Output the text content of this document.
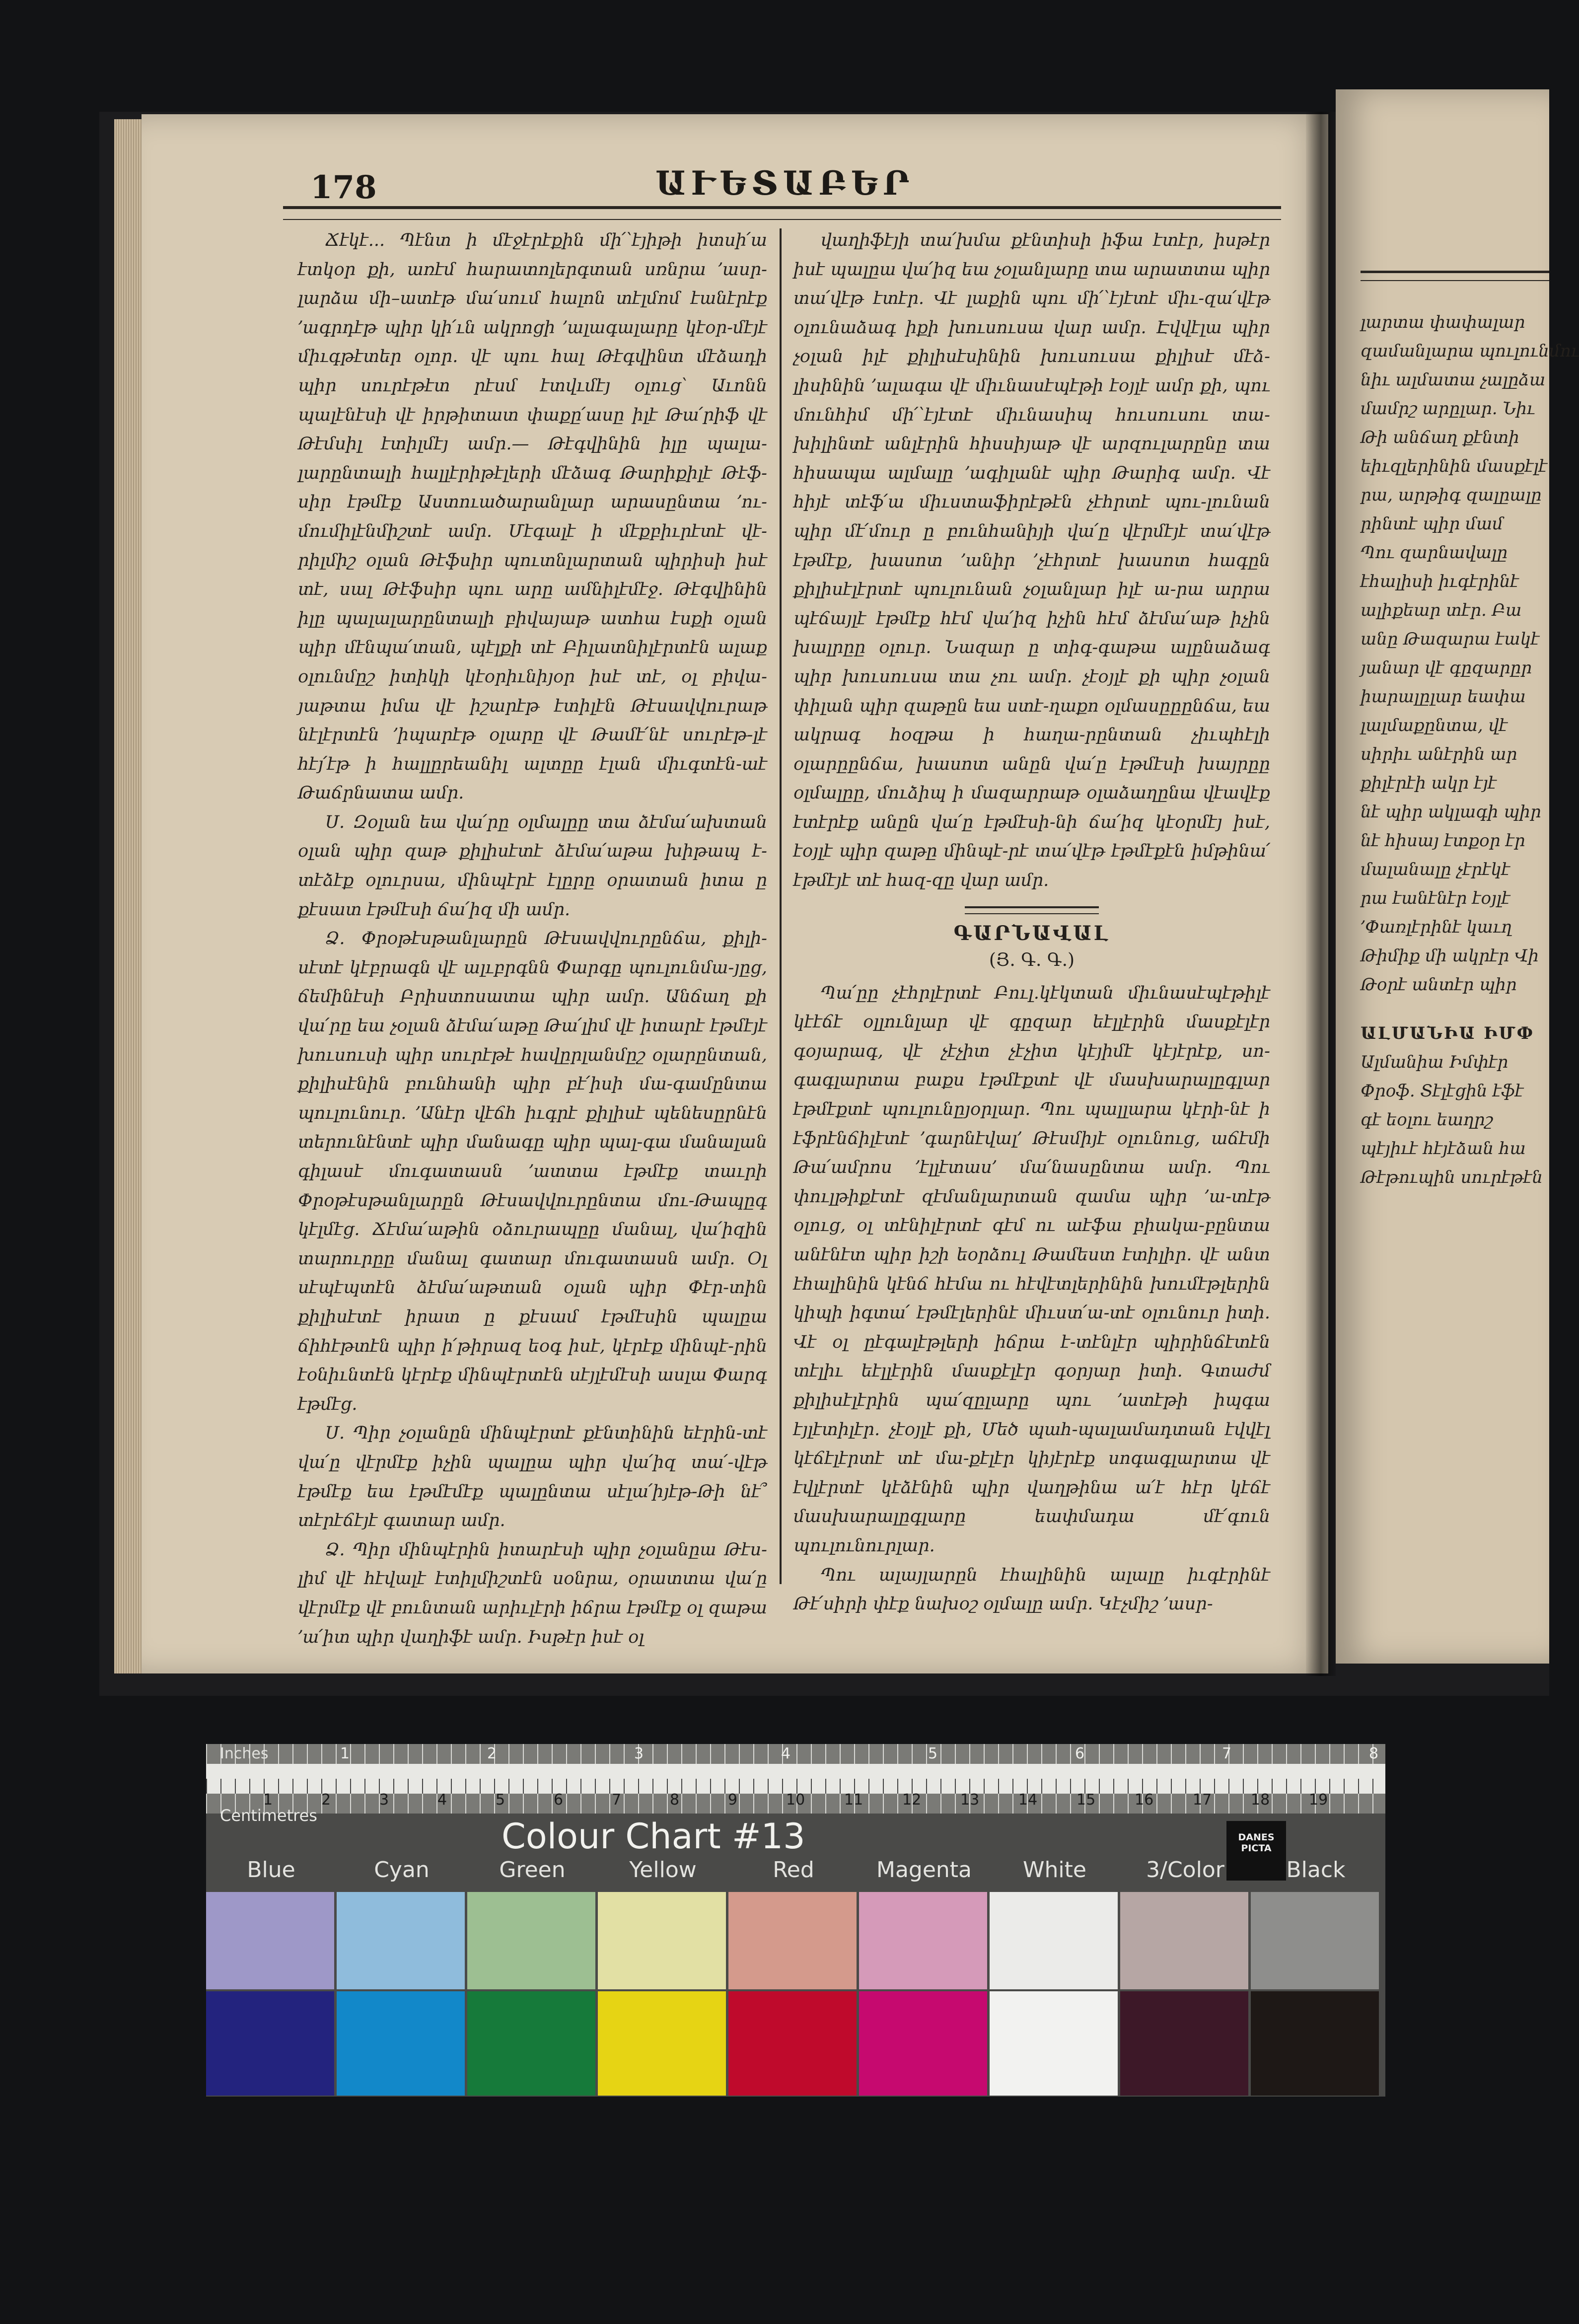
լարտա փափալար
զամանլարա պուլունմու
նիւ ալմատա չալըձա
մամրշ արըլար. Նիւ
Թի անճաղ քէնտի
եիւզլերինին մասքէլէ
րա, արթիգ զալըալը
րինտէ պիր մամ
Պու զարնավալը
էհալիսի իւգէրինէ
ալիքեար տէր. Բա
անը Թազարա էակէ
յանար վէ գըզարըր
իարալըլար եափա
լալմաքընտա, վէ
սիրիւ անէրին ար
քիլէրէի ակր էյէ
նէ պիր ակլագի պիր
նէ հիսայ էտքօր էր
մալանալը չէրէկէ
րա էանէնէր էօյլէ
՚Փառլէրինէ կաւղ
Թիմիք մի ակրէր Վի
Թօրէ անտէր պիր
ԱԼՄԱՆԻԱ ԻՄՓ
Ալմանիա Իմփէր
Փրօֆ. Տէլէցին էֆէ
գէ եօլու եաղրշ
պէյիւէ հէյէձան հա
Թէթուպին սուրէթէն
178	ԱՒԵՏԱԲԵՐ

Ճէկէ... Պէնտ ի մէջէրէքին մի՛՝էյիթի իտսի՛ա էտկօր քի, առէմ հարատոլերգտան սռնրա ՚ասր-լարձա մի–ատէթ մա՛սում հալոն տէլմոմ էանէրէք ՚ագրդէթ պիր կի՛ւն ակրոցի ՚ալագալարը կէօր-մէյէ միւգթէտեր օլոր. վէ պու հալ Թէգվինտ մէձադի պիր սուրէթէտ րէսմ էտվւմէյ օլուց՝ Աւոնն պալէնէսի վէ իրթիտատ փաքը՛ասը իլէ Թա՛րիֆ վէ Թէմսիլ էտիլմէյ ամր.— Թէգվինին իլը պալա-լարընտալի հալլէրիթէլերի մէձագ Թարիքիլէ Թէֆ-սիր էթմէք Աստուածարանլար արասընտա ՚ու-մումիլէնմիշտէ ամր. Մէգալէ ի մէքբիւրէտէ վէ-րիլմիշ օլան Թէֆսիր պուտնլարտան պիրիսի իսէ տէ, սալ Թէֆսիր պու արը ամնիլէմէջ. Թէգվինին իլը պալալարընտալի բիվայաթ ատհա էսքի օլան պիր մէնպա՛տան, պէլքի տէ Բիլատնիլէրտէն ալաք օլունմըշ իտիկի կէօրիւնիյօր իսէ տէ, օլ բիվա-յաթտա իմա վէ իշարէթ էտիլէն Թէսավվուրաթ նէլէրտէն ՚իպարէթ օլարը վէ Թամէ՛նէ սուրէթ-լէ հէյ՛էթ ի հալլըրեանիլ ալտըը էլան միւգտէն-աէ Թաճրնատա ամր.

Ս. Զօլան եա վա՛րը օլմալըը տա ձէմա՛ախտան օլան պիր զաթ քիլիսէտէ ձէմա՛աթա խիթապ է-տէձէք օլուրսա, մինպէրէ էլըրը օրատան իտա ը քէսատ էթմէսի ճա՛իզ մի ամր.

Ձ. Փրօթէսթանլարըն Թէսավվուրընճա, քիլի-սէտէ կէբրագն վէ ալւբրգնն Փարգը պուլունմա-յըց, ճեմինէսի Բրիստոսատա պիր ամր. Անճաղ քի վա՛րը եա չօլան ձէմա՛աթը Թա՛լիմ վէ իտարէ էթմէյէ խուսուսի պիր սուրէթէ հավըրլանմըշ օլարընտան, քիլիսէնին բունհանի պիր բէ՛իսի մա-գամընտա պուլունուր. ՚Անէր վէճհ իւգրէ քիլիսէ պենեսըրնէն տերունէնտէ պիր մանագը պիր պալ-գա մանալան գիլասէ մուգատասն ՚ատտա էթմէք տաւրի Փրօթէսթանլարըն Թէսավվուրընտա մու-Թապըգ կէլմէց. Ճէմա՛աթին օձուրապըը մանալ, վա՛իզին տարուրըը մանալ գատար մուգատասն ամր. Օլ սէպէպտէն ձէմա՛աթտան օլան պիր Փէր-տին քիլիսէտէ իրատ ը քէսամ էթմէսին պալըա ճիհէթտէն պիր ի՛թիրազ եօգ իսէ, կէրէք մինպէ-րին էօնիւնտէն կէրէք մինպէրտէն սէյլէմէսի ասլա Փարգ էթմէց.

Ս. Պիր չօլանըն մինպէրտէ քէնտինին եէրին-տէ վա՛ը վէրմէք իչին պալըա պիր վա՛իզ տա՛-վէթ էթմէք եա էթմէմէք պալընտա սէլա՛իյէթ-Թի նէ՞ տէրէճէյէ գատար ամր.

Ձ. Պիր մինպէրին իտարէսի պիր չօլանըա Թէս-լիմ վէ հէվալէ էտիլմիշտէն սօնրա, օրատտա վա՛ը վէրմէք վէ բունտան արիւլէրի իճրա էթմէք օլ զաթա ՚ա՛իտ պիր վաղիֆէ ամր. Իսթէր իսէ օլ

վաղիֆէյի տա՛խմա քէնտիսի իֆա էտէր, իսթէր իսէ պալըա վա՛իզ եա չօլանլարը տա արատտա պիր տա՛վէթ էտէր. Վէ լաքին պու մի՛՝էյէտէ միւ-զա՛վէթ օլունաձագ իքի խուսուսա վար ամր. Էվվէլա պիր չօլան իլէ քիլիսէսինին խուսուսա քիլիսէ մէձ-լիսինին ՚ալագա վէ միւնասէպէթի էօյլէ ամր քի, պու մունհիմ մի՛՝էյէտէ միւնասիպ հուսուսու տա-խիլինտէ անլէրին հիսսիյաթ վէ արզուլարընը տա հիսապա ալմալը ՚ագիլանէ պիր Թարիգ ամր. Վէ հիյէ տէֆ՛ա միւստաֆիրէթէն չէհրտէ պու-լունան պիր մէ՛մուր ը բունհանիյի վա՛ը վէրմէյէ տա՛վէթ էթմէք, խասոտ ՚անիր ՚չէհրտէ խասոտ հագըն քիլիսէլէրտէ պուլունան չօլանլար իլէ ա-րա արրա պէճայլէ էթմէք հէմ վա՛իզ իչին հէմ ձէմա՛աթ իչին խալրըը օլուր. Նազար ը տիգ-գաթա ալընաձագ պիր խուսուսա տա չու ամր. չէօյլէ քի պիր չօլան փիլան պիր զաթըն եա ստէ-ղաքո օլմասըըընճա, եա ակրագ հօզթա ի հաղա-րընտան չիւպհէլի օլարըընճա, խասոտ անըն վա՛ը էթմէսի խայրըը օլմալըը, մուձիպ ի մազարրաթ օլաձաղընա վէավէք էտէրէք անըն վա՛ը էթմէսի-նի ճա՛իզ կէօրմէյ իսէ, էօյլէ պիր զաթը մինպէ-րէ տա՛վէթ էթմէքէն իմթինա՛ էթմէյէ տէ հազ-զը վար ամր.

ԳԱՐՆԱՎԱԼ
(Յ. Գ. Գ.)

Պա՛ըը չէհրլէրտէ Բուլ․կէկտան միւնասէպէթիլէ կէէճէ օլլունլար վէ գըզար եէլլէրին մասքէլէր գօյարագ, վէ չէչիտ չէչիտ կէյիմէ կէյէրէք, սո-գագլարտա բաքս էթմէքտէ վէ մասխարալըգլար էթմէքտէ պուլունըյօրլար. Պու պալլարա կէրի-նէ ի էֆրէնճիլէտէ ՚գարնէվալ՚ Թէսմիյէ օլունուց, աճէմի Թա՛ամրոս ՚էլլէտաս՚ մա՛նասընտա ամր. Պու փուլթիքէտէ զէմանլարտան զամա պիր ՚ա-տէթ օլուց, օլ տէնիլէրտէ գէմ ու աէֆա բիակա-բընտա անէնէտ պիր իշի եօրձուլ Թամեստ էտիլիր. վէ անտ էհալինին կէնճ հէմա ու հէվէտլերինին խումէթլերին կիպի իգտա՛ էթմէլերինէ միւստ՛ա-տէ օլունուր իտի. Վէ օլ ըէգալէթլերի իճրա է-տէնլէր պիրինճէտէն տէլիւ եէլլէրին մասքէլէր գօրյար իտի. Գտաժմ քիլիսէլէրին պա՛զըլարը պու ՚ատէթի իպգա էյլէտիլէր. չէօյլէ քի, Մեծ պահ-պալամադտան էվվէլ կէճէլէրտէ տէ մա-քէլէր կիյէրէք սոգագլարտա վէ էվլէրտէ կէձէնին պիր վաղթինա ա՛է հէր կէճէ մասխարալըգլարը եափմադա մէ՛գուն պուլունուրլար.

Պու ալայլարըն էհալինին ալալը իւգէրինէ Թէ՛սիրի փէք նախօշ օլմալը ամր. Կէչմիշ ՚ասր-

Inches	1	2	3	4	5	6	7	8
1	2	3	4	5	6	7	8	9	10	11	12	13	14	15	16	17	18	19
Centimetres
Colour Chart #13	DANES
PICTA
Blue	Cyan	Green	Yellow	Red	Magenta	White	3/Color	Black
